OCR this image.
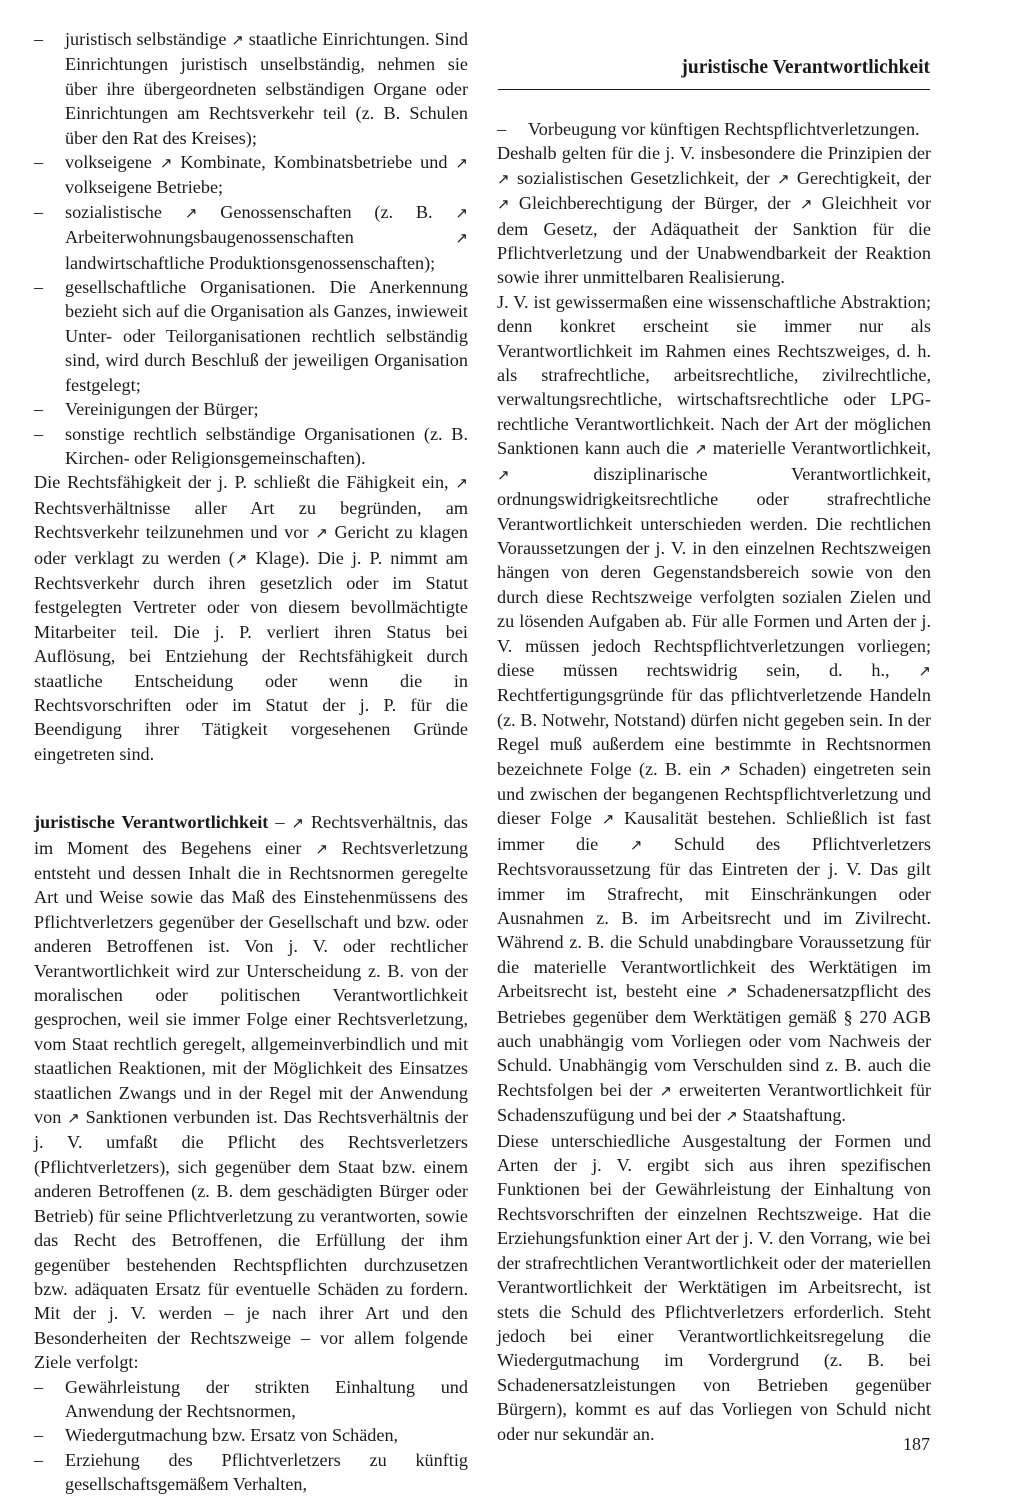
juristische Verantwortlichkeit

– juristisch selbständige ↗ staatliche Einrichtungen. Sind Einrichtungen juristisch unselbständig, nehmen sie über ihre übergeordneten selbständigen Organe oder Einrichtungen am Rechtsverkehr teil (z. B. Schulen über den Rat des Kreises);

– volkseigene ↗ Kombinate, Kombinatsbetriebe und ↗ volkseigene Betriebe;

– sozialistische ↗ Genossenschaften (z. B. ↗ Arbeiterwohnungsbaugenossenschaften ↗ landwirtschaftliche Produktionsgenossenschaften);

– gesellschaftliche Organisationen. Die Anerkennung bezieht sich auf die Organisation als Ganzes, inwieweit Unter- oder Teilorganisationen rechtlich selbständig sind, wird durch Beschluß der jeweiligen Organisation festgelegt;

– Vereinigungen der Bürger;

– sonstige rechtlich selbständige Organisationen (z. B. Kirchen- oder Religionsgemeinschaften).

Die Rechtsfähigkeit der j. P. schließt die Fähigkeit ein, ↗ Rechtsverhältnisse aller Art zu begründen, am Rechtsverkehr teilzunehmen und vor ↗ Gericht zu klagen oder verklagt zu werden (↗ Klage). Die j. P. nimmt am Rechtsverkehr durch ihren gesetzlich oder im Statut festgelegten Vertreter oder von diesem bevollmächtigte Mitarbeiter teil. Die j. P. verliert ihren Status bei Auflösung, bei Entziehung der Rechtsfähigkeit durch staatliche Entscheidung oder wenn die in Rechtsvorschriften oder im Statut der j. P. für die Beendigung ihrer Tätigkeit vorgesehenen Gründe eingetreten sind.

juristische Verantwortlichkeit – ↗ Rechtsverhältnis, das im Moment des Begehens einer ↗ Rechtsverletzung entsteht und dessen Inhalt die in Rechtsnormen geregelte Art und Weise sowie das Maß des Einstehenmüssens des Pflichtverletzers gegenüber der Gesellschaft und bzw. oder anderen Betroffenen ist. Von j. V. oder rechtlicher Verantwortlichkeit wird zur Unterscheidung z. B. von der moralischen oder politischen Verantwortlichkeit gesprochen, weil sie immer Folge einer Rechtsverletzung, vom Staat rechtlich geregelt, allgemeinverbindlich und mit staatlichen Reaktionen, mit der Möglichkeit des Einsatzes staatlichen Zwangs und in der Regel mit der Anwendung von ↗ Sanktionen verbunden ist. Das Rechtsverhältnis der j. V. umfaßt die Pflicht des Rechtsverletzers (Pflichtverletzers), sich gegenüber dem Staat bzw. einem anderen Betroffenen (z. B. dem geschädigten Bürger oder Betrieb) für seine Pflichtverletzung zu verantworten, sowie das Recht des Betroffenen, die Erfüllung der ihm gegenüber bestehenden Rechtspflichten durchzusetzen bzw. adäquaten Ersatz für eventuelle Schäden zu fordern. Mit der j. V. werden – je nach ihrer Art und den Besonderheiten der Rechtszweige – vor allem folgende Ziele verfolgt:

– Gewährleistung der strikten Einhaltung und Anwendung der Rechtsnormen,

– Wiedergutmachung bzw. Ersatz von Schäden,

– Erziehung des Pflichtverletzers zu künftig gesellschaftsgemäßem Verhalten,

– Vorbeugung vor künftigen Rechtspflichtverletzungen.

Deshalb gelten für die j. V. insbesondere die Prinzipien der ↗ sozialistischen Gesetzlichkeit, der ↗ Gerechtigkeit, der ↗ Gleichberechtigung der Bürger, der ↗ Gleichheit vor dem Gesetz, der Adäquatheit der Sanktion für die Pflichtverletzung und der Unabwendbarkeit der Reaktion sowie ihrer unmittelbaren Realisierung.

J. V. ist gewissermaßen eine wissenschaftliche Abstraktion; denn konkret erscheint sie immer nur als Verantwortlichkeit im Rahmen eines Rechtszweiges, d. h. als strafrechtliche, arbeitsrechtliche, zivilrechtliche, verwaltungsrechtliche, wirtschaftsrechtliche oder LPG-rechtliche Verantwortlichkeit. Nach der Art der möglichen Sanktionen kann auch die ↗ materielle Verantwortlichkeit, ↗ disziplinarische Verantwortlichkeit, ordnungswidrigkeitsrechtliche oder strafrechtliche Verantwortlichkeit unterschieden werden. Die rechtlichen Voraussetzungen der j. V. in den einzelnen Rechtszweigen hängen von deren Gegenstandsbereich sowie von den durch diese Rechtszweige verfolgten sozialen Zielen und zu lösenden Aufgaben ab. Für alle Formen und Arten der j. V. müssen jedoch Rechtspflichtverletzungen vorliegen; diese müssen rechtswidrig sein, d. h., ↗ Rechtfertigungsgründe für das pflichtverletzende Handeln (z. B. Notwehr, Notstand) dürfen nicht gegeben sein. In der Regel muß außerdem eine bestimmte in Rechtsnormen bezeichnete Folge (z. B. ein ↗ Schaden) eingetreten sein und zwischen der begangenen Rechtspflichtverletzung und dieser Folge ↗ Kausalität bestehen. Schließlich ist fast immer die ↗ Schuld des Pflichtverletzers Rechtsvoraussetzung für das Eintreten der j. V. Das gilt immer im Strafrecht, mit Einschränkungen oder Ausnahmen z. B. im Arbeitsrecht und im Zivilrecht. Während z. B. die Schuld unabdingbare Voraussetzung für die materielle Verantwortlichkeit des Werktätigen im Arbeitsrecht ist, besteht eine ↗ Schadenersatzpflicht des Betriebes gegenüber dem Werktätigen gemäß § 270 AGB auch unabhängig vom Vorliegen oder vom Nachweis der Schuld. Unabhängig vom Verschulden sind z. B. auch die Rechtsfolgen bei der ↗ erweiterten Verantwortlichkeit für Schadenszufügung und bei der ↗ Staatshaftung.

Diese unterschiedliche Ausgestaltung der Formen und Arten der j. V. ergibt sich aus ihren spezifischen Funktionen bei der Gewährleistung der Einhaltung von Rechtsvorschriften der einzelnen Rechtszweige. Hat die Erziehungsfunktion einer Art der j. V. den Vorrang, wie bei der strafrechtlichen Verantwortlichkeit oder der materiellen Verantwortlichkeit der Werktätigen im Arbeitsrecht, ist stets die Schuld des Pflichtverletzers erforderlich. Steht jedoch bei einer Verantwortlichkeitsregelung die Wiedergutmachung im Vordergrund (z. B. bei Schadenersatzleistungen von Betrieben gegenüber Bürgern), kommt es auf das Vorliegen von Schuld nicht oder nur sekundär an.

187
